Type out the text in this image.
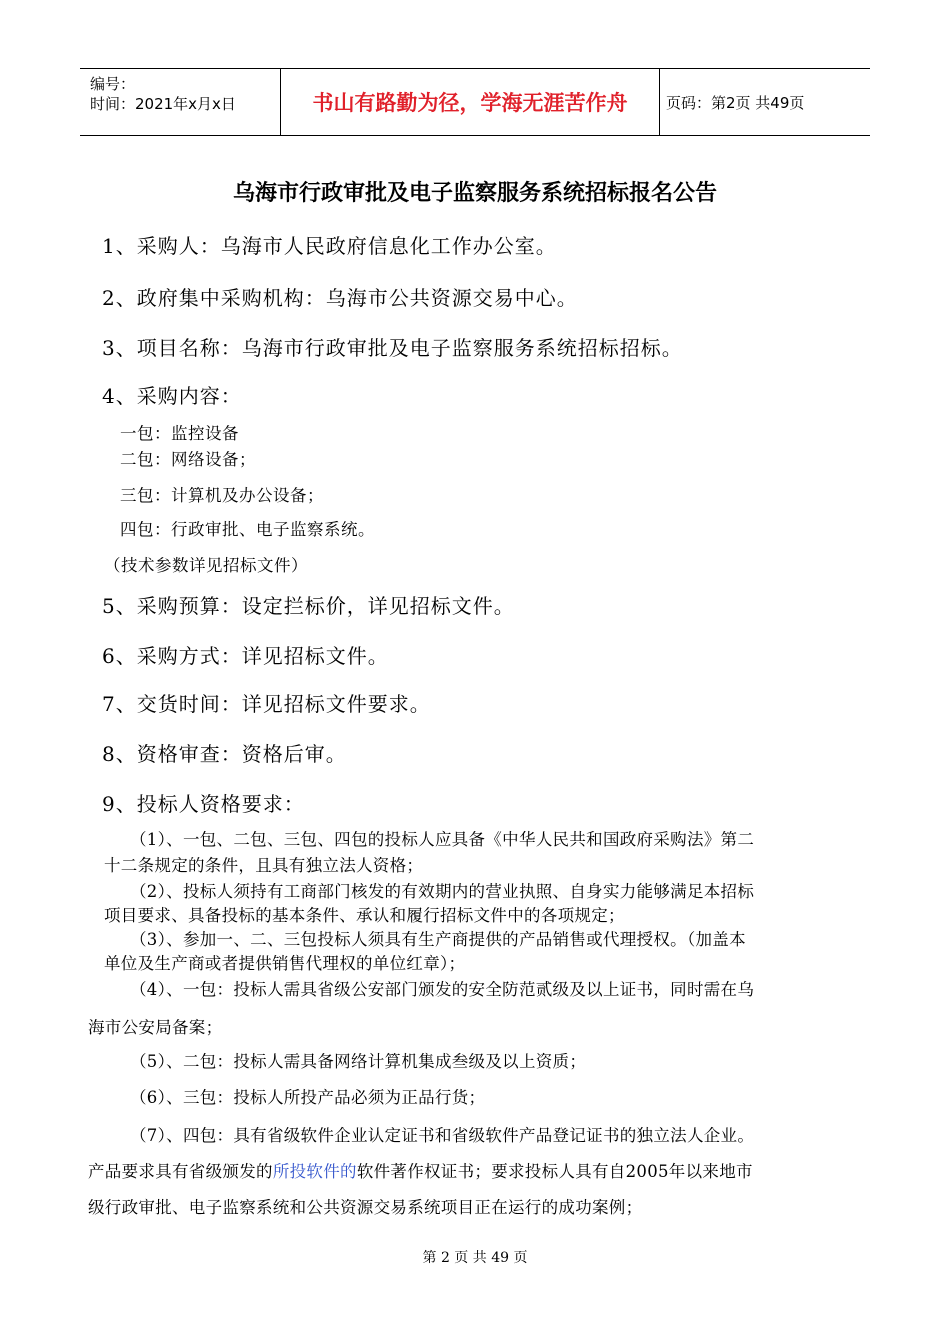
编号：
时间：2021年x月x日	书山有路勤为径，学海无涯苦作舟	页码：第2页 共49页
乌海市行政审批及电子监察服务系统招标报名公告
1、采购人：乌海市人民政府信息化工作办公室。
2、政府集中采购机构：乌海市公共资源交易中心。
3、项目名称：乌海市行政审批及电子监察服务系统招标招标。
4、采购内容：
一包：监控设备
二包：网络设备；
三包：计算机及办公设备；
四包：行政审批、电子监察系统。
（技术参数详见招标文件）
5、采购预算：设定拦标价，详见招标文件。
6、采购方式：详见招标文件。
7、交货时间：详见招标文件要求。
8、资格审查：资格后审。
9、投标人资格要求：
（1）、一包、二包、三包、四包的投标人应具备《中华人民共和国政府采购法》第二
十二条规定的条件，且具有独立法人资格；
（2）、投标人须持有工商部门核发的有效期内的营业执照、自身实力能够满足本招标
项目要求、具备投标的基本条件、承认和履行招标文件中的各项规定；
（3）、参加一、二、三包投标人须具有生产商提供的产品销售或代理授权。（加盖本
单位及生产商或者提供销售代理权的单位红章）；
（4）、一包：投标人需具省级公安部门颁发的安全防范贰级及以上证书，同时需在乌
海市公安局备案；
（5）、二包：投标人需具备网络计算机集成叁级及以上资质；
（6）、三包：投标人所投产品必须为正品行货；
（7）、四包：具有省级软件企业认定证书和省级软件产品登记证书的独立法人企业。
产品要求具有省级颁发的所投软件的软件著作权证书；要求投标人具有自2005年以来地市
级行政审批、电子监察系统和公共资源交易系统项目正在运行的成功案例；
第 2 页 共 49 页
